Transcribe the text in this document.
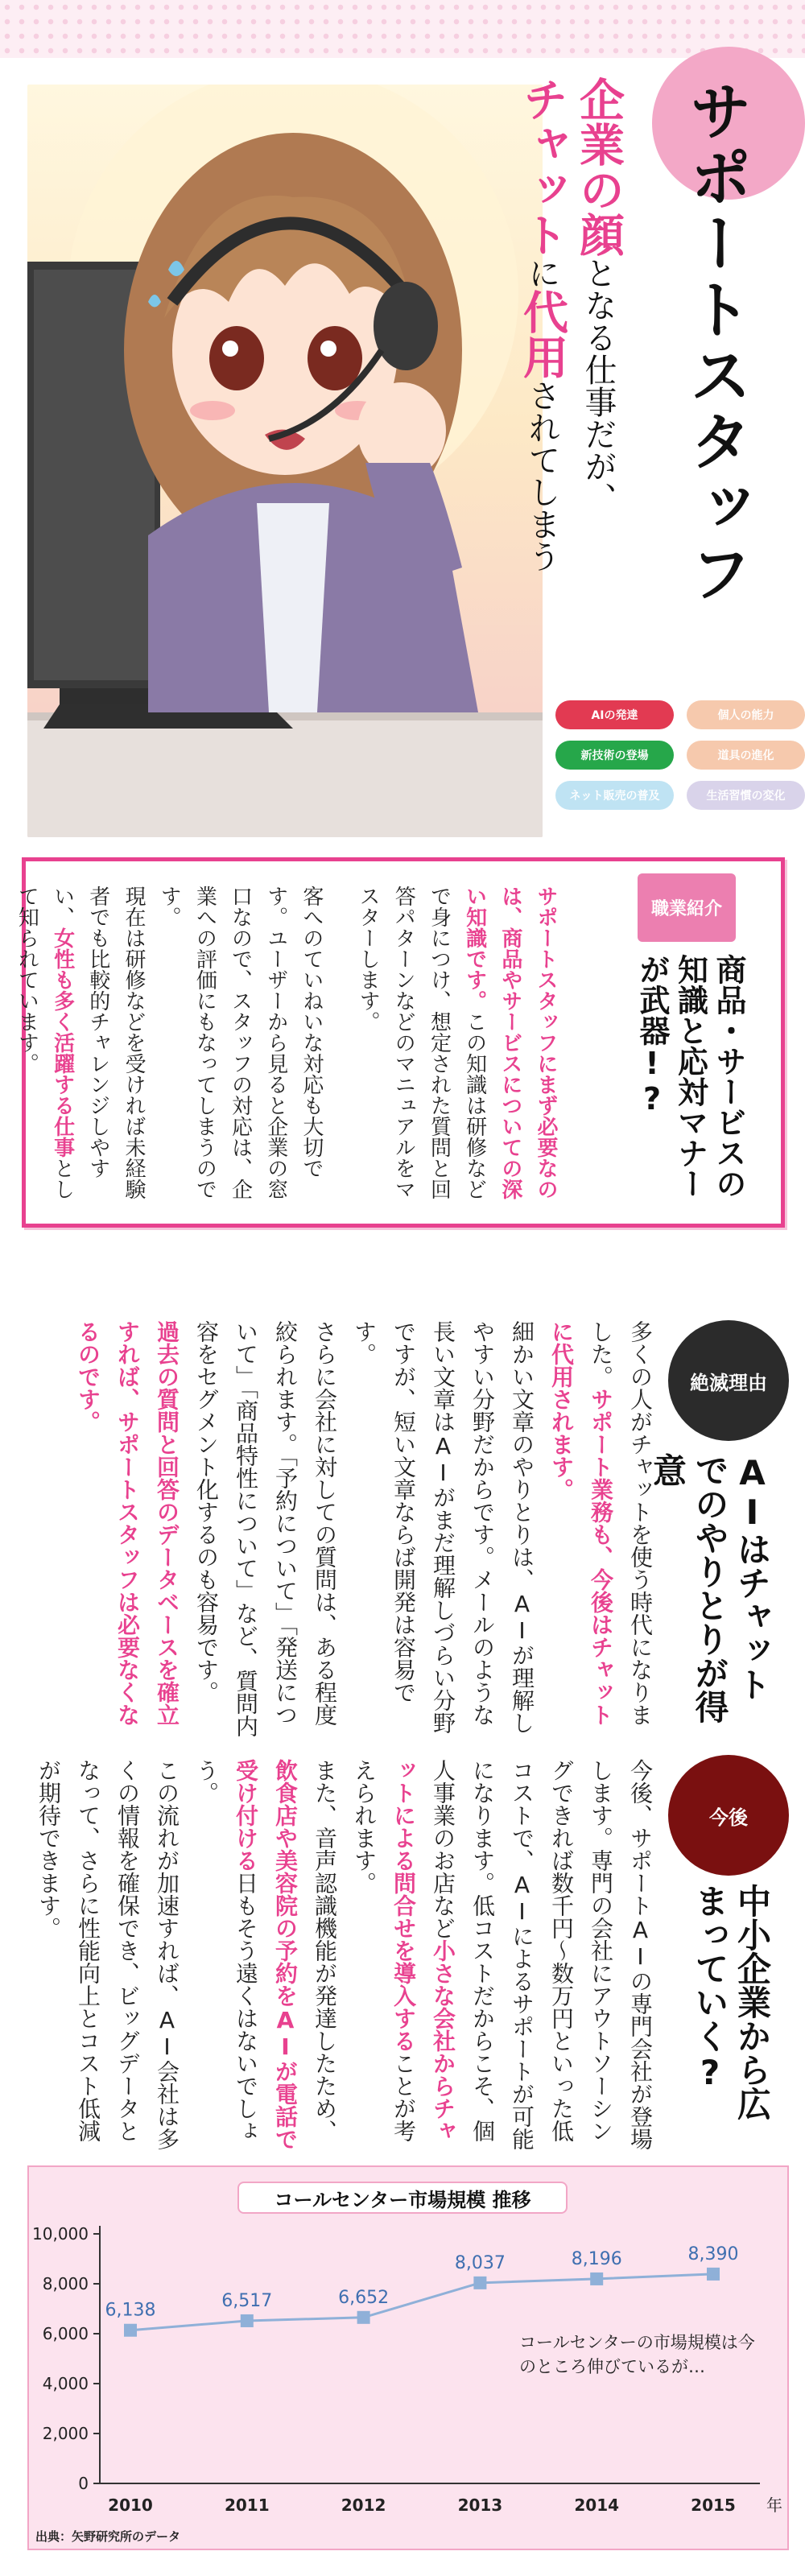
サポートスタッフ
企業の顔となる仕事だが、
チャットに代用されてしまう
AIの発達	個人の能力
新技術の登場	道具の進化
ネット販売の普及	生活習慣の変化
職業紹介
商品・サービスの知識と応対マナーが武器!?
サポートスタッフにまず必要なのは、商品やサービスについての深い知識です。この知識は研修などで身につけ、想定された質問と回答パターンなどのマニュアルをマスターします。
客へのていねいな対応も大切です。ユーザーから見ると企業の窓口なので、スタッフの対応は、企業への評価にもなってしまうのです。
現在は研修などを受ければ未経験者でも比較的チャレンジしやすい、女性も多く活躍する仕事として知られています。
絶滅理由
AIはチャットでのやりとりが得意
多くの人がチャットを使う時代になりました。サポート業務も、今後はチャットに代用されます。
細かい文章のやりとりは、AIが理解しやすい分野だからです。メールのような長い文章はAIがまだ理解しづらい分野ですが、短い文章ならば開発は容易です。
さらに会社に対しての質問は、ある程度絞られます。「予約について」「発送について」「商品特性について」など、質問内容をセグメント化するのも容易です。
過去の質問と回答のデータベースを確立すれば、サポートスタッフは必要なくなるのです。
今後
中小企業から広まっていく?
今後、サポートAIの専門会社が登場します。専門の会社にアウトソーシングできれば数千円〜数万円といった低コストで、AIによるサポートが可能になります。低コストだからこそ、個人事業のお店など小さな会社からチャットによる問合せを導入することが考えられます。
また、音声認識機能が発達したため、飲食店や美容院の予約をAIが電話で受け付ける日もそう遠くはないでしょう。
この流れが加速すれば、AI会社は多くの情報を確保でき、ビッグデータとなって、さらに性能向上とコスト低減が期待できます。
コールセンター市場規模 推移
0
2,000
4,000
6,000
8,000
10,000
2010	2011	2012	2013	2014	2015 年
6,138	6,517	6,652
8,037	8,196	8,390
コールセンターの市場規模は今のところ伸びているが…
出典：矢野研究所のデータ
